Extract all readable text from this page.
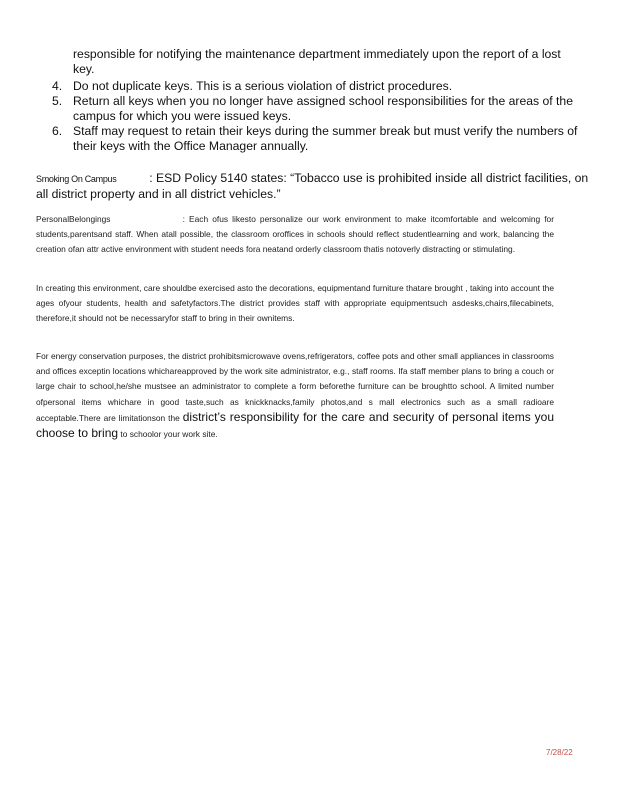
responsible for notifying the maintenance department immediately upon the report of a lost key.
4. Do not duplicate keys. This is a serious violation of district procedures.
5. Return all keys when you no longer have assigned school responsibilities for the areas of the campus for which you were issued keys.
6. Staff may request to retain their keys during the summer break but must verify the numbers of their keys with the Office Manager annually.
Smoking On Campus	: ESD Policy 5140 states: “Tobacco use is prohibited inside all district facilities, on all district property and in all district vehicles.”
PersonalBelongings	: Each ofus likesto personalize our work environment to make itcomfortable and welcoming for students,parentsand staff. When atall possible, the classroom oroffices in schools should reflect studentlearning and work, balancing the creation ofan attr active environment with student needs fora neatand orderly classroom thatis notoverly distracting or stimulating.
In creating this environment, care shouldbe exercised asto the decorations, equipmentand furniture thatare brought , taking into account the ages ofyour students, health and safetyfactors.The district provides staff with appropriate equipmentsuch asdesks,chairs,filecabinets, therefore,it should not be necessaryfor staff to bring in their ownitems.
For energy conservation purposes, the district prohibitsmicrowave ovens,refrigerators, coffee pots and other small appliances in classrooms and offices exceptin locations whichareapproved by the work site administrator, e.g., staff rooms. Ifa staff member plans to bring a couch or large chair to school,he/she mustsee an administrator to complete a form beforethe furniture can be broughtto school. A limited number ofpersonal items whichare in good taste,such as knickknacks,family photos,and s mall electronics such as a small radioare acceptable.There are limitationson the district’s responsibility for the care and security of personal items you choose to bring to schoolor your work site.
7/28/22
